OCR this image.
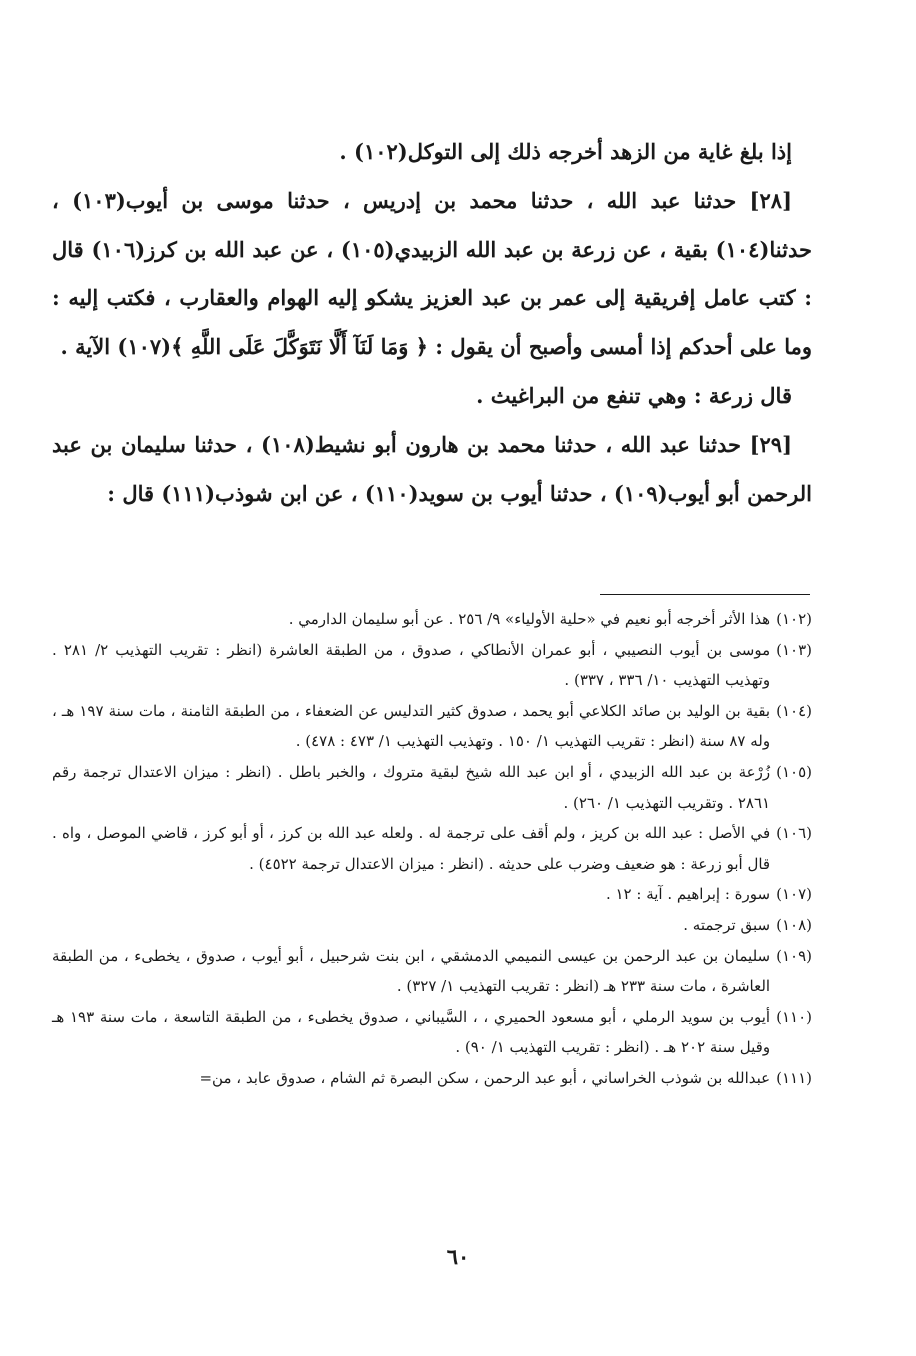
إذا بلغ غاية من الزهد أخرجه ذلك إلى التوكل(١٠٢) .

[٢٨] حدثنا عبد الله ، حدثنا محمد بن إدريس ، حدثنا موسى بن أيوب(١٠٣) ، حدثنا(١٠٤) بقية ، عن زرعة بن عبد الله الزبيدي(١٠٥) ، عن عبد الله بن كرز(١٠٦) قال : كتب عامل إفريقية إلى عمر بن عبد العزيز يشكو إليه الهوام والعقارب ، فكتب إليه : وما على أحدكم إذا أمسى وأصبح أن يقول : ﴿ وَمَا لَنَآ أَلَّا نَتَوَكَّلَ عَلَى اللَّهِ ﴾(١٠٧) الآية .

قال زرعة : وهي تنفع من البراغيث .

[٢٩] حدثنا عبد الله ، حدثنا محمد بن هارون أبو نشيط(١٠٨) ، حدثنا سليمان بن عبد الرحمن أبو أيوب(١٠٩) ، حدثنا أيوب بن سويد(١١٠) ، عن ابن شوذب(١١١) قال :

(١٠٢)
هذا الأثر أخرجه أبو نعيم في «حلية الأولياء» ٩/ ٢٥٦ . عن أبو سليمان الدارمي .
(١٠٣)
موسى بن أيوب النصيبي ، أبو عمران الأنطاكي ، صدوق ، من الطبقة العاشرة (انظر : تقريب التهذيب ٢/ ٢٨١ . وتهذيب التهذيب ١٠/ ٣٣٦ ، ٣٣٧) .
(١٠٤)
بقية بن الوليد بن صائد الكلاعي أبو يحمد ، صدوق كثير التدليس عن الضعفاء ، من الطبقة الثامنة ، مات سنة ١٩٧ هـ ، وله ٨٧ سنة (انظر : تقريب التهذيب ١/ ١٥٠ . وتهذيب التهذيب ١/ ٤٧٣ : ٤٧٨) .
(١٠٥)
زُرْعة بن عبد الله الزبيدي ، أو ابن عبد الله شيخ لبقية متروك ، والخبر باطل . (انظر : ميزان الاعتدال ترجمة رقم ٢٨٦١ . وتقريب التهذيب ١/ ٢٦٠) .
(١٠٦)
في الأصل : عبد الله بن كريز ، ولم أقف على ترجمة له . ولعله عبد الله بن كرز ، أو أبو كرز ، قاضي الموصل ، واه . قال أبو زرعة : هو ضعيف وضرب على حديثه . (انظر : ميزان الاعتدال ترجمة ٤٥٢٢) .
(١٠٧)
سورة : إبراهيم . آية : ١٢ .
(١٠٨)
سبق ترجمته .
(١٠٩)
سليمان بن عبد الرحمن بن عيسى النميمي الدمشقي ، ابن بنت شرحبيل ، أبو أيوب ، صدوق ، يخطىء ، من الطبقة العاشرة ، مات سنة ٢٣٣ هـ (انظر : تقريب التهذيب ١/ ٣٢٧) .
(١١٠)
أيوب بن سويد الرملي ، أبو مسعود الحميري ، ، السَّيباني ، صدوق يخطىء ، من الطبقة التاسعة ، مات سنة ١٩٣ هـ وقيل سنة ٢٠٢ هـ . (انظر : تقريب التهذيب ١/ ٩٠) .
(١١١)
عبدالله بن شوذب الخراساني ، أبو عبد الرحمن ، سكن البصرة ثم الشام ، صدوق عابد ، من=
٦٠
